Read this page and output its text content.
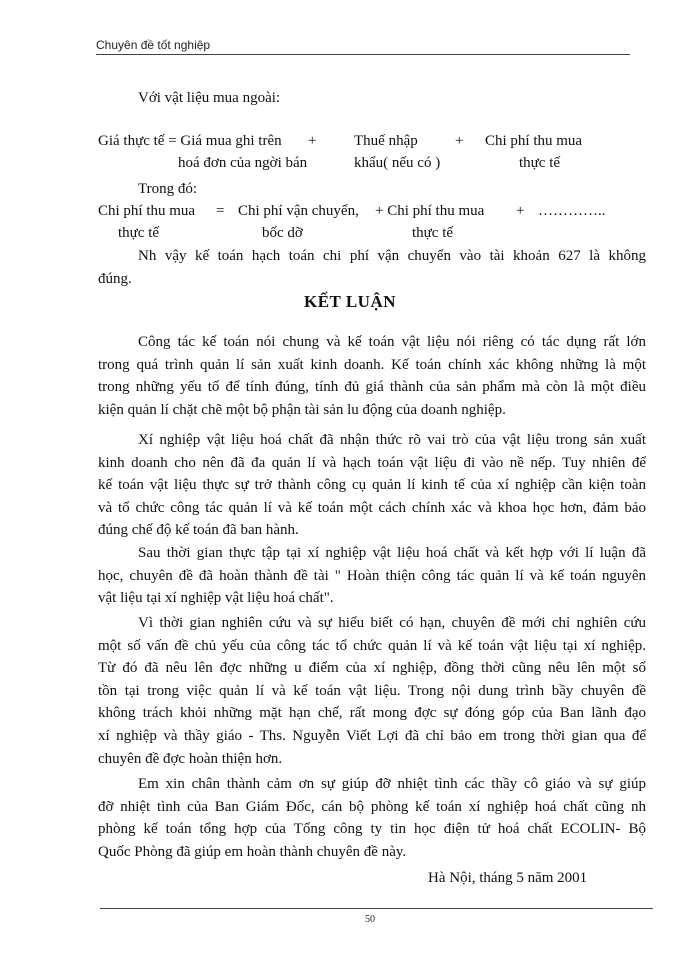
Chuyên đề tốt nghiệp
Với vật liệu mua ngoài:
Giá thực tế = Giá mua ghi trên +	Thuế nhập + Chi phí thu mua
hoá đơn của ngời bán	khẩu( nếu có )	thực tế
Trong đó:
Chi phí thu mua = Chi phí vận chuyển, + Chi phí thu mua + …………..
thực tế	bốc dỡ	thực tế
Nh vậy kế toán hạch toán chi phí vận chuyển vào tài khoản 627 là không
đúng.
KẾT LUẬN
Công tác kế toán nói chung và kế toán vật liệu nói riêng có tác dụng rất lớn
trong quá trình quản lí sản xuất kinh doanh. Kế toán chính xác không những là một
trong những yếu tố để tính đúng, tính đủ giá thành của sản phẩm mà còn là một điều
kiện quản lí chặt chẽ một bộ phận tài sản lu động của doanh nghiệp.
Xí nghiệp vật liệu hoá chất đã nhận thức rõ vai trò của vật liệu trong sản xuất
kinh doanh cho nên đã đa quản lí và hạch toán vật liệu đi vào nề nếp. Tuy nhiên để
kế toán vật liệu thực sự trở thành công cụ quản lí kinh tế của xí nghiệp cần kiện toàn
và tổ chức công tác quản lí và kế toán một cách chính xác và khoa học hơn, đảm bảo
đúng chế độ kế toán đã ban hành.
Sau thời gian thực tập tại xí nghiệp vật liệu hoá chất và kết hợp với lí luận đã
học, chuyên đề đã hoàn thành đề tài " Hoàn thiện công tác quản lí và kế toán nguyên
vật liệu tại xí nghiệp vật liệu hoá chất".
Vì thời gian nghiên cứu và sự hiểu biết có hạn, chuyên đề mới chỉ nghiên cứu
một số vấn đề chủ yếu của công tác tổ chức quản lí và kế toán vật liệu tại xí nghiệp.
Từ đó đã nêu lên đợc những u điểm của xí nghiệp, đồng thời cũng nêu lên một số
tồn tại trong việc quản lí và kế toán vật liệu. Trong nội dung trình bầy chuyên đề
không trách khỏi những mặt hạn chế, rất mong đợc sự đóng góp của Ban lãnh đạo
xí nghiệp và thầy giáo - Ths. Nguyễn Viết Lợi đã chỉ bảo em trong thời gian qua để
chuyên đề đợc hoàn thiện hơn.
Em xin chân thành cảm ơn sự giúp đỡ nhiệt tình các thầy cô giáo và sự giúp
đỡ nhiệt tình của Ban Giám Đốc, cán bộ phòng kế toán xí nghiệp hoá chất cũng nh
phòng kế toán tổng hợp của Tổng công ty tin học điện tử hoá chất ECOLIN- Bộ
Quốc Phòng đã giúp em hoàn thành chuyên đề này.
Hà Nội, tháng 5 năm 2001
50
